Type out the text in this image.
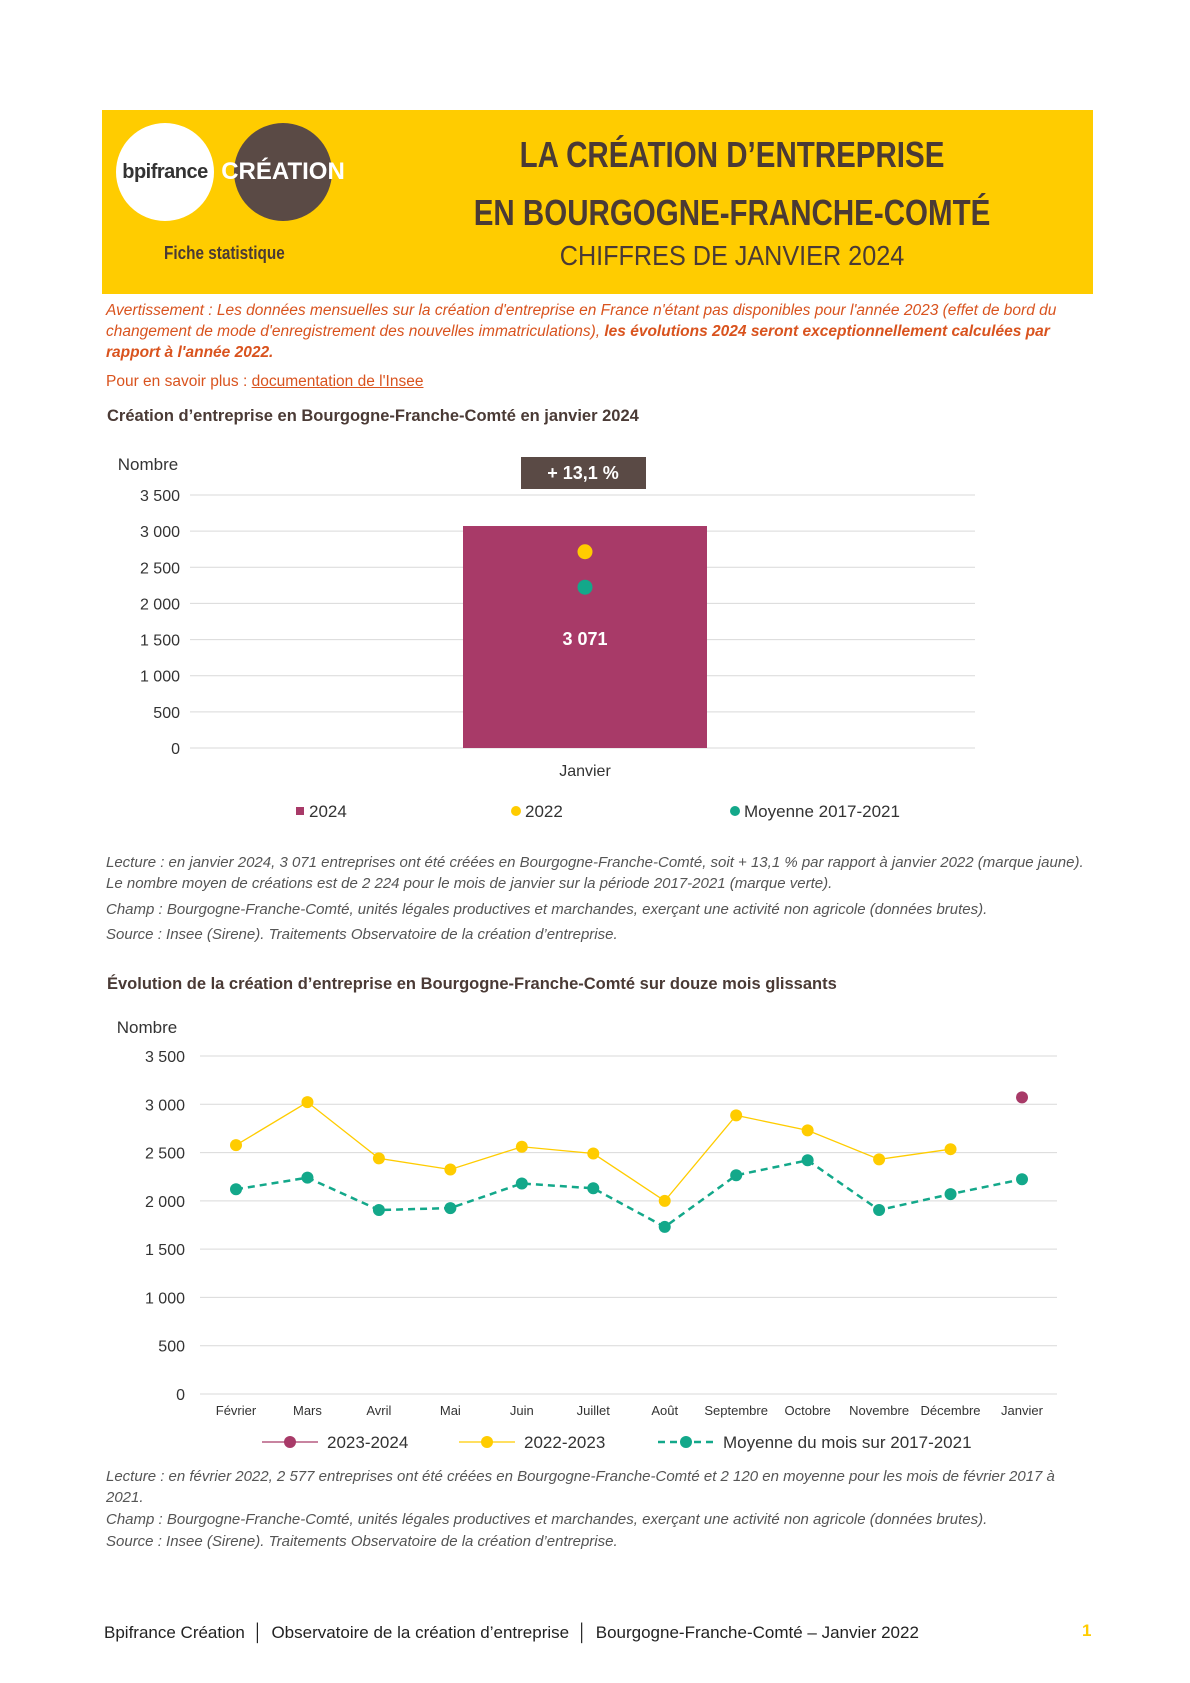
bpifrance CRÉATION
Fiche statistique
LA CRÉATION D’ENTREPRISE
EN BOURGOGNE-FRANCHE-COMTÉ
CHIFFRES DE JANVIER 2024
Avertissement : Les données mensuelles sur la création d'entreprise en France n'étant pas disponibles pour l'année 2023 (effet de bord du changement de mode d'enregistrement des nouvelles immatriculations), les évolutions 2024 seront exceptionnellement calculées par rapport à l'année 2022.
Pour en savoir plus : documentation de l'Insee
Création d’entreprise en Bourgogne-Franche-Comté en janvier 2024
Nombre
0
500
1 000
1 500
2 000
2 500
3 000
3 500
3 071
+ 13,1 %
Janvier
2024	2022	Moyenne 2017-2021
Lecture : en janvier 2024, 3 071 entreprises ont été créées en Bourgogne-Franche-Comté, soit + 13,1 % par rapport à janvier 2022 (marque jaune). Le nombre moyen de créations est de 2 224 pour le mois de janvier sur la période 2017-2021 (marque verte).
Champ : Bourgogne-Franche-Comté, unités légales productives et marchandes, exerçant une activité non agricole (données brutes).
Source : Insee (Sirene). Traitements Observatoire de la création d’entreprise.
Évolution de la création d’entreprise en Bourgogne-Franche-Comté sur douze mois glissants
Nombre
0
500
1 000
1 500
2 000
2 500
3 000
3 500
Février	Mars	Avril	Mai	Juin	Juillet	Août Septembre Octobre Novembre Décembre Janvier
2023-2024	2022-2023	Moyenne du mois sur 2017-2021
Lecture : en février 2022, 2 577 entreprises ont été créées en Bourgogne-Franche-Comté et 2 120 en moyenne pour les mois de février 2017 à 2021.
Champ : Bourgogne-Franche-Comté, unités légales productives et marchandes, exerçant une activité non agricole (données brutes).
Source : Insee (Sirene). Traitements Observatoire de la création d’entreprise.
Bpifrance Création │ Observatoire de la création d’entreprise │ Bourgogne-Franche-Comté – Janvier 2022	1
